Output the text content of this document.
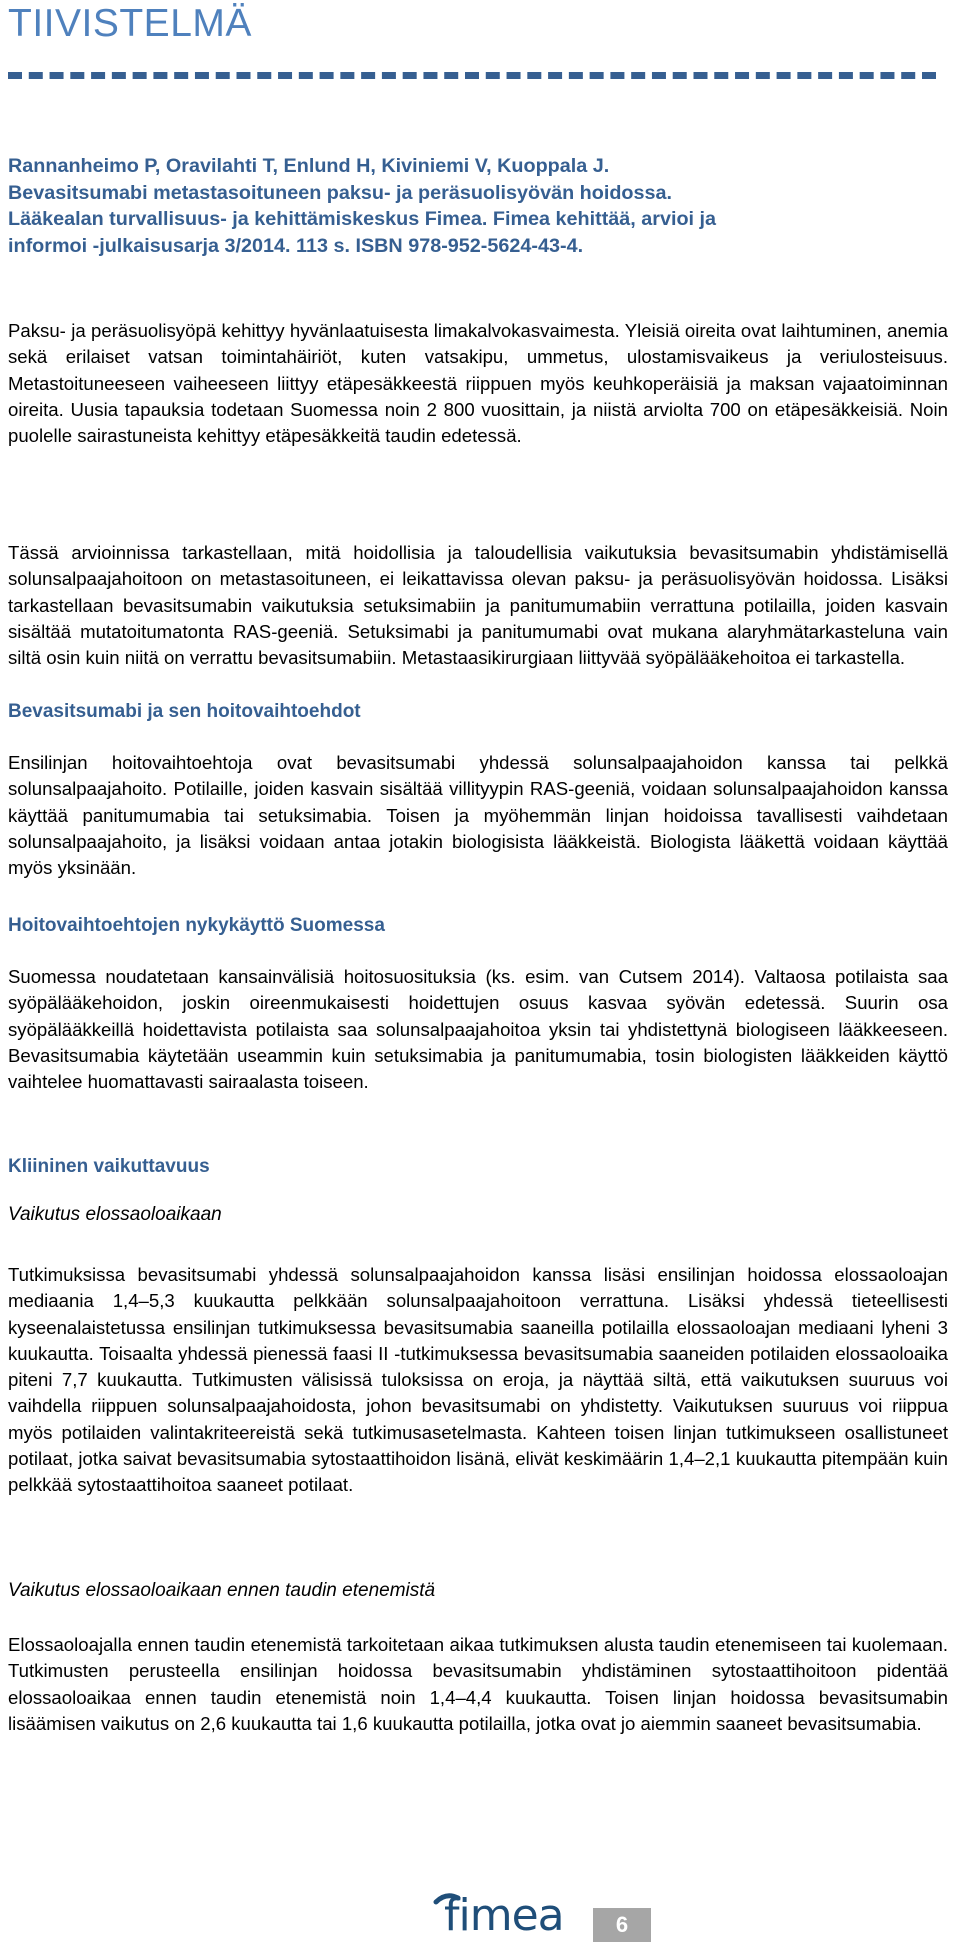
TIIVISTELMÄ
Rannanheimo P, Oravilahti T, Enlund H, Kiviniemi V, Kuoppala J.
Bevasitsumabi metastasoituneen paksu- ja peräsuolisyövän hoidossa.
Lääkealan turvallisuus- ja kehittämiskeskus Fimea. Fimea kehittää, arvioi ja
informoi -julkaisusarja 3/2014. 113 s. ISBN 978-952-5624-43-4.

Paksu- ja peräsuolisyöpä kehittyy hyvänlaatuisesta limakalvokasvaimesta. Yleisiä oireita ovat laihtuminen, anemia sekä erilaiset vatsan toimintahäiriöt, kuten vatsakipu, ummetus, ulostamisvaikeus ja veriulosteisuus. Metastoituneeseen vaiheeseen liittyy etäpesäkkeestä riippuen myös keuhkoperäisiä ja maksan vajaatoiminnan oireita. Uusia tapauksia todetaan Suomessa noin 2 800 vuosittain, ja niistä arviolta 700 on etäpesäkkeisiä. Noin puolelle sairastuneista kehittyy etäpesäkkeitä taudin edetessä.

Tässä arvioinnissa tarkastellaan, mitä hoidollisia ja taloudellisia vaikutuksia bevasitsumabin yhdistämisellä solunsalpaajahoitoon on metastasoituneen, ei leikattavissa olevan paksu- ja peräsuolisyövän hoidossa. Lisäksi tarkastellaan bevasitsumabin vaikutuksia setuksimabiin ja panitumumabiin verrattuna potilailla, joiden kasvain sisältää mutatoitumatonta RAS-geeniä. Setuksimabi ja panitumumabi ovat mukana alaryhmätarkasteluna vain siltä osin kuin niitä on verrattu bevasitsumabiin. Metastaasikirurgiaan liittyvää syöpälääkehoitoa ei tarkastella.

Bevasitsumabi ja sen hoitovaihtoehdot

Ensilinjan hoitovaihtoehtoja ovat bevasitsumabi yhdessä solunsalpaajahoidon kanssa tai pelkkä solunsalpaajahoito. Potilaille, joiden kasvain sisältää villityypin RAS-geeniä, voidaan solunsalpaajahoidon kanssa käyttää panitumumabia tai setuksimabia. Toisen ja myöhemmän linjan hoidoissa tavallisesti vaihdetaan solunsalpaajahoito, ja lisäksi voidaan antaa jotakin biologisista lääkkeistä. Biologista lääkettä voidaan käyttää myös yksinään.

Hoitovaihtoehtojen nykykäyttö Suomessa

Suomessa noudatetaan kansainvälisiä hoitosuosituksia (ks. esim. van Cutsem 2014). Valtaosa potilaista saa syöpälääkehoidon, joskin oireenmukaisesti hoidettujen osuus kasvaa syövän edetessä. Suurin osa syöpälääkkeillä hoidettavista potilaista saa solunsalpaajahoitoa yksin tai yhdistettynä biologiseen lääkkeeseen. Bevasitsumabia käytetään useammin kuin setuksimabia ja panitumumabia, tosin biologisten lääkkeiden käyttö vaihtelee huomattavasti sairaalasta toiseen.

Kliininen vaikuttavuus
Vaikutus elossaoloaikaan

Tutkimuksissa bevasitsumabi yhdessä solunsalpaajahoidon kanssa lisäsi ensilinjan hoidossa elossaoloajan mediaania 1,4–5,3 kuukautta pelkkään solunsalpaajahoitoon verrattuna. Lisäksi yhdessä tieteellisesti kyseenalaistetussa ensilinjan tutkimuksessa bevasitsumabia saaneilla potilailla elossaoloajan mediaani lyheni 3 kuukautta. Toisaalta yhdessä pienessä faasi II -tutkimuksessa bevasitsumabia saaneiden potilaiden elossaoloaika piteni 7,7 kuukautta. Tutkimusten välisissä tuloksissa on eroja, ja näyttää siltä, että vaikutuksen suuruus voi vaihdella riippuen solunsalpaajahoidosta, johon bevasitsumabi on yhdistetty. Vaikutuksen suuruus voi riippua myös potilaiden valintakriteereistä sekä tutkimusasetelmasta. Kahteen toisen linjan tutkimukseen osallistuneet potilaat, jotka saivat bevasitsumabia sytostaattihoidon lisänä, elivät keskimäärin 1,4–2,1 kuukautta pitempään kuin pelkkää sytostaattihoitoa saaneet potilaat.

Vaikutus elossaoloaikaan ennen taudin etenemistä

Elossaoloajalla ennen taudin etenemistä tarkoitetaan aikaa tutkimuksen alusta taudin etenemiseen tai kuolemaan. Tutkimusten perusteella ensilinjan hoidossa bevasitsumabin yhdistäminen sytostaattihoitoon pidentää elossaoloaikaa ennen taudin etenemistä noin 1,4–4,4 kuukautta. Toisen linjan hoidossa bevasitsumabin lisäämisen vaikutus on 2,6 kuukautta tai 1,6 kuukautta potilailla, jotka ovat jo aiemmin saaneet bevasitsumabia.

fimea	6
